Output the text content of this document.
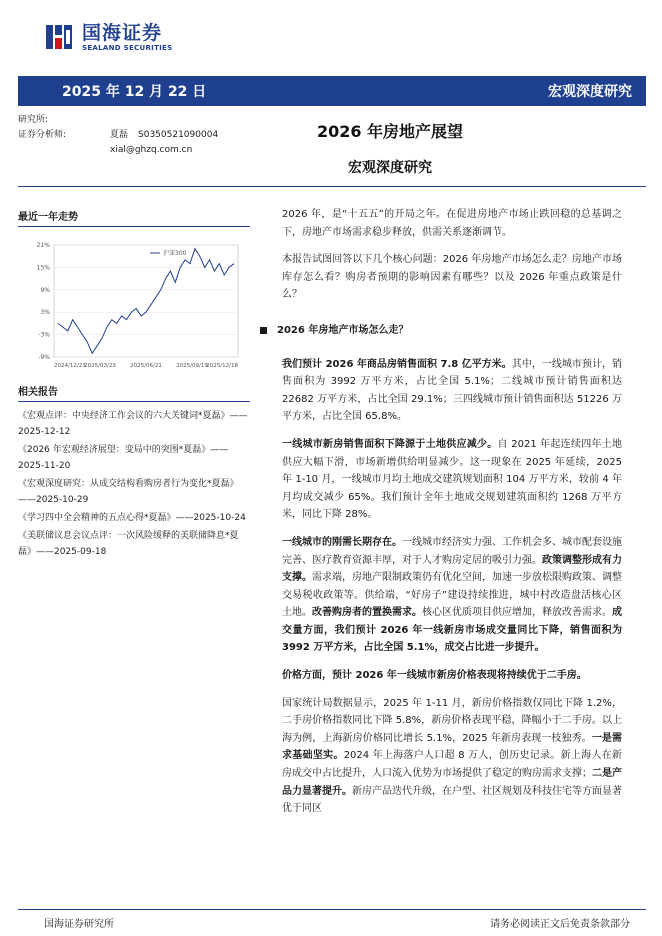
国海证券
SEALAND SECURITIES
2025 年 12 月 22 日	宏观深度研究
研究所:
证券分析师:	夏磊 S0350521090004
xial@ghzq.com.cn
2026 年房地产展望
宏观深度研究
最近一年走势
21%
15%
9%
3%
-3%
-9%
2024/12/23
2025/03/23	2025/06/21	2025/09/19
2025/12/18
沪深300
相关报告
《宏观点评：中央经济工作会议的六大关键词*夏磊》——2025-12-12
《2026 年宏观经济展望：变局中的突围*夏磊》——2025-11-20
《宏观深度研究：从成交结构看购房者行为变化*夏磊》——2025-10-29
《学习四中全会精神的五点心得*夏磊》——2025-10-24
《美联储议息会议点评：一次风险缓释的美联储降息*夏磊》——2025-09-18

2026 年，是“十五五”的开局之年。在促进房地产市场止跌回稳的总基调之下，房地产市场需求稳步释放，供需关系逐渐调节。

本报告试图回答以下几个核心问题：2026 年房地产市场怎么走？房地产市场库存怎么看？购房者预期的影响因素有哪些？以及 2026 年重点政策是什么？

2026 年房地产市场怎么走？

我们预计 2026 年商品房销售面积 7.8 亿平方米。其中，一线城市预计，销售面积为 3992 万平方米，占比全国 5.1%；二线城市预计销售面积达 22682 万平方米，占比全国 29.1%；三四线城市预计销售面积达 51226 万平方米，占比全国 65.8%。

一线城市新房销售面积下降源于土地供应减少。自 2021 年起连续四年土地供应大幅下滑，市场新增供给明显减少。这一现象在 2025 年延续，2025 年 1-10 月，一线城市月均土地成交建筑规划面积 104 万平方米，较前 4 年月均成交减少 65%。我们预计全年土地成交规划建筑面积约 1268 万平方米，同比下降 28%。

一线城市的刚需长期存在。一线城市经济实力强、工作机会多、城市配套设施完善、医疗教育资源丰厚，对于人才购房定居的吸引力强。政策调整形成有力支撑。需求端，房地产限制政策仍有优化空间，加速一步放松限购政策、调整交易税收政策等。供给端，“好房子”建设持续推进，城中村改造盘活核心区土地。改善购房者的置换需求。核心区优质项目供应增加，释放改善需求。成交量方面，我们预计 2026 年一线新房市场成交量同比下降，销售面积为 3992 万平方米，占比全国 5.1%，成交占比进一步提升。

价格方面，预计 2026 年一线城市新房价格表现将持续优于二手房。

国家统计局数据显示，2025 年 1-11 月，新房价格指数仅同比下降 1.2%，二手房价格指数同比下降 5.8%，新房价格表现平稳，降幅小于二手房。以上海为例，上海新房价格同比增长 5.1%，2025 年新房表现一枝独秀。一是需求基础坚实。2024 年上海落户人口超 8 万人，创历史记录。新上海人在新房成交中占比提升，人口流入优势为市场提供了稳定的购房需求支撑；二是产品力显著提升。新房产品迭代升级，在户型、社区规划及科技住宅等方面显著优于同区

国海证券研究所	请务必阅读正文后免责条款部分
